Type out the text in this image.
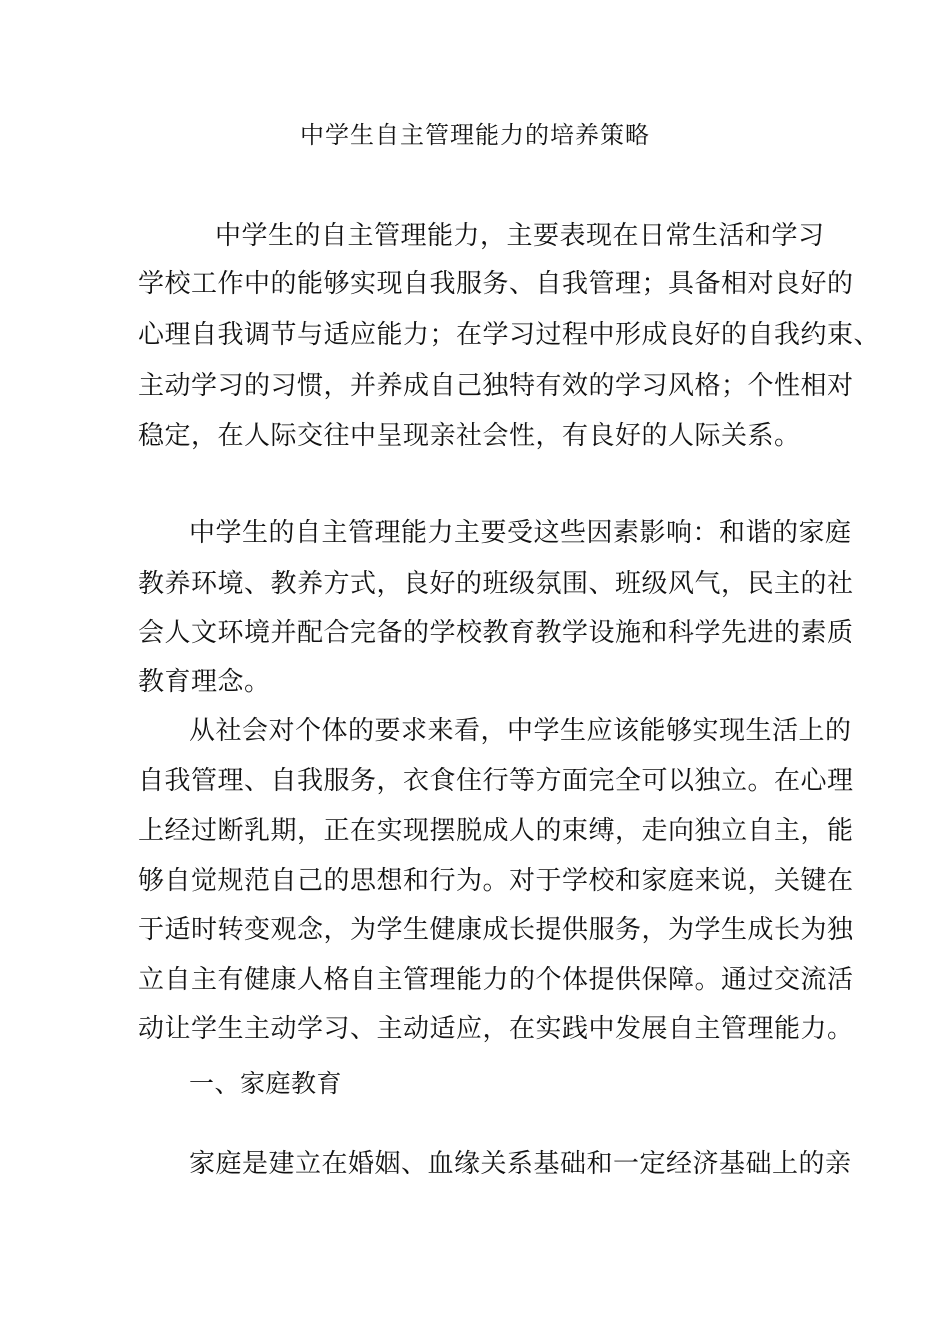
中学生自主管理能力的培养策略
中学生的自主管理能力，主要表现在日常生活和学习
学校工作中的能够实现自我服务、自我管理；具备相对良好的
心理自我调节与适应能力；在学习过程中形成良好的自我约束、
主动学习的习惯，并养成自己独特有效的学习风格；个性相对
稳定，在人际交往中呈现亲社会性，有良好的人际关系。
中学生的自主管理能力主要受这些因素影响：和谐的家庭
教养环境、教养方式，良好的班级氛围、班级风气，民主的社
会人文环境并配合完备的学校教育教学设施和科学先进的素质
教育理念。
从社会对个体的要求来看，中学生应该能够实现生活上的
自我管理、自我服务，衣食住行等方面完全可以独立。在心理
上经过断乳期，正在实现摆脱成人的束缚，走向独立自主，能
够自觉规范自己的思想和行为。对于学校和家庭来说，关键在
于适时转变观念，为学生健康成长提供服务，为学生成长为独
立自主有健康人格自主管理能力的个体提供保障。通过交流活
动让学生主动学习、主动适应，在实践中发展自主管理能力。
一、家庭教育
家庭是建立在婚姻、血缘关系基础和一定经济基础上的亲
